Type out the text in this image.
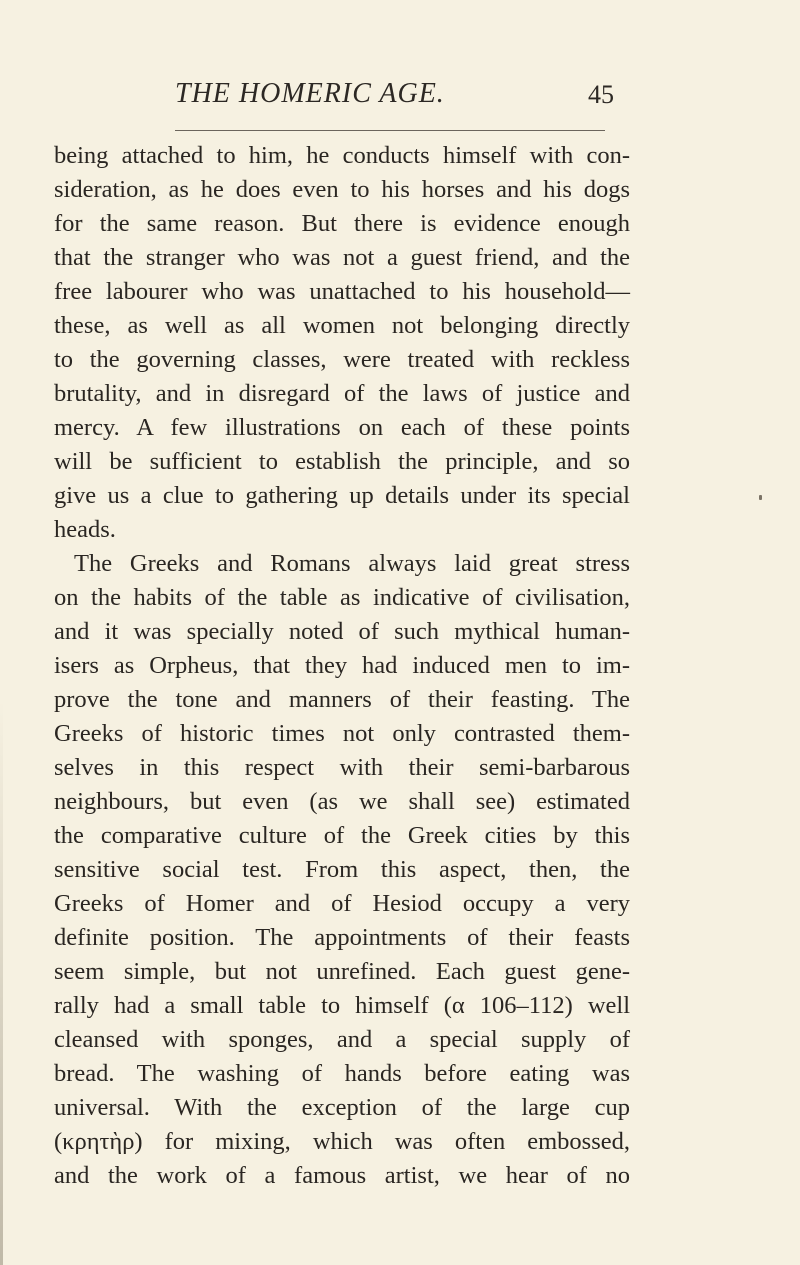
THE HOMERIC AGE.	45
being attached to him, he conducts himself with con-
sideration, as he does even to his horses and his dogs
for the same reason. But there is evidence enough
that the stranger who was not a guest friend, and the
free labourer who was unattached to his household—
these, as well as all women not belonging directly
to the governing classes, were treated with reckless
brutality, and in disregard of the laws of justice and
mercy. A few illustrations on each of these points
will be sufficient to establish the principle, and so
give us a clue to gathering up details under its special
heads.
The Greeks and Romans always laid great stress
on the habits of the table as indicative of civilisation,
and it was specially noted of such mythical human-
isers as Orpheus, that they had induced men to im-
prove the tone and manners of their feasting. The
Greeks of historic times not only contrasted them-
selves in this respect with their semi-barbarous
neighbours, but even (as we shall see) estimated
the comparative culture of the Greek cities by this
sensitive social test. From this aspect, then, the
Greeks of Homer and of Hesiod occupy a very
definite position. The appointments of their feasts
seem simple, but not unrefined. Each guest gene-
rally had a small table to himself (α 106–112) well
cleansed with sponges, and a special supply of
bread. The washing of hands before eating was
universal. With the exception of the large cup
(κρητὴρ) for mixing, which was often embossed,
and the work of a famous artist, we hear of no
